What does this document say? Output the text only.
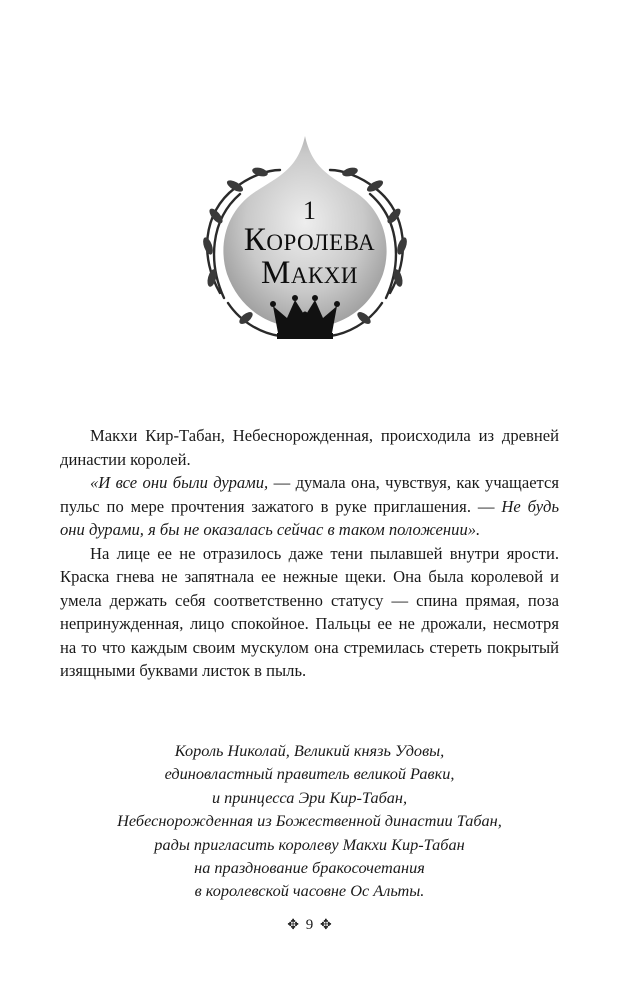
1
Королева
Макхи

Макхи Кир-Табан, Небеснорожденная, происходила из древней династии королей.

«И все они были дурами, — думала она, чувствуя, как учащается пульс по мере прочтения зажатого в руке приглашения. — Не будь они дурами, я бы не оказалась сейчас в таком положении».

На лице ее не отразилось даже тени пылавшей внутри ярости. Краска гнева не запятнала ее нежные щеки. Она была королевой и умела держать себя соответственно статусу — спина прямая, поза непринужденная, лицо спокойное. Пальцы ее не дрожали, несмотря на то что каждым своим мускулом она стремилась стереть покрытый изящными буквами листок в пыль.

Король Николай, Великий князь Удовы,
единовластный правитель великой Равки,
и принцесса Эри Кир-Табан,
Небеснорожденная из Божественной династии Табан,
рады пригласить королеву Макхи Кир-Табан
на празднование бракосочетания
в королевской часовне Ос Альты.
✥ 9 ✥
